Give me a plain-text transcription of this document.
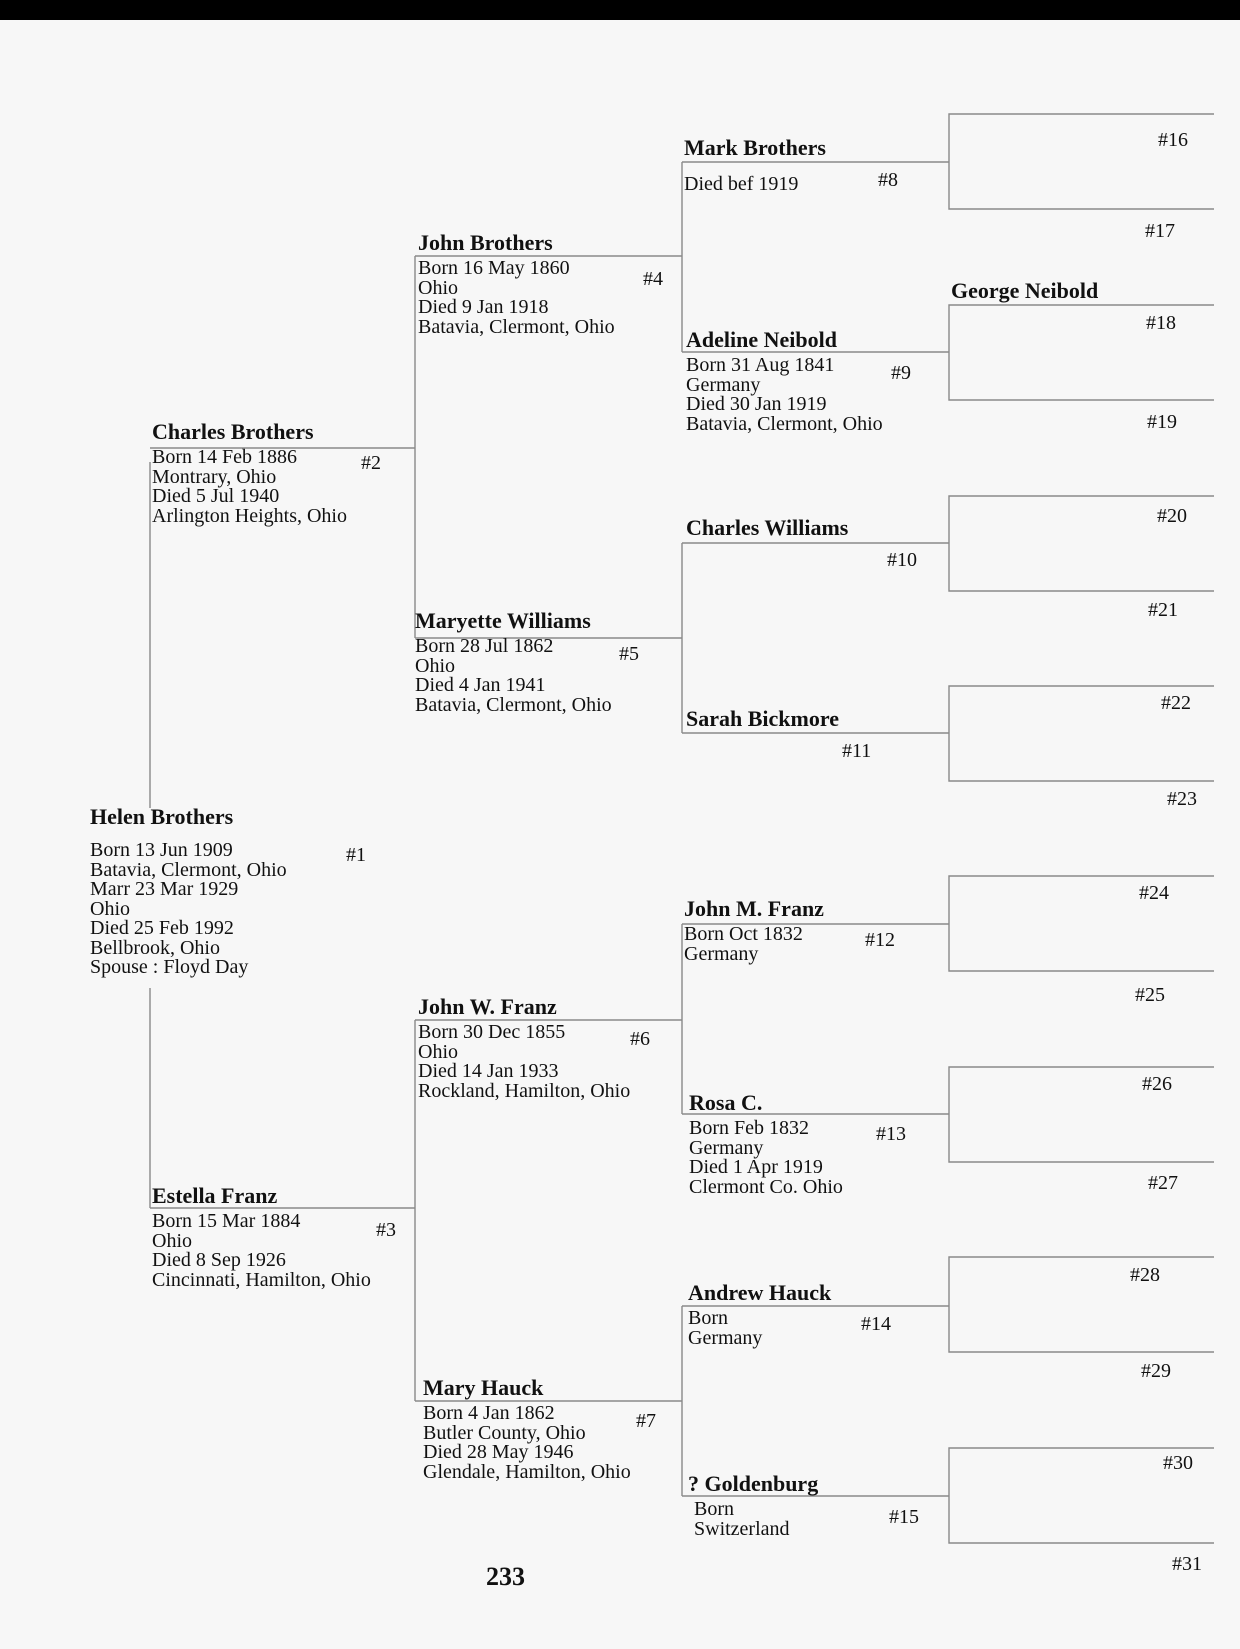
Helen Brothers
Born 13 Jun 1909
Batavia, Clermont, Ohio
Marr 23 Mar 1929
Ohio
Died 25 Feb 1992
Bellbrook, Ohio
Spouse : Floyd Day
#1
Charles Brothers
Born 14 Feb 1886
Montrary, Ohio
Died 5 Jul 1940
Arlington Heights, Ohio
#2
Estella Franz
Born 15 Mar 1884
Ohio
Died 8 Sep 1926
Cincinnati, Hamilton, Ohio
#3
John Brothers
Born 16 May 1860
Ohio
Died 9 Jan 1918
Batavia, Clermont, Ohio
#4
Maryette Williams
Born 28 Jul 1862
Ohio
Died 4 Jan 1941
Batavia, Clermont, Ohio
#5
John W. Franz
Born 30 Dec 1855
Ohio
Died 14 Jan 1933
Rockland, Hamilton, Ohio
#6
Mary Hauck
Born 4 Jan 1862
Butler County, Ohio
Died 28 May 1946
Glendale, Hamilton, Ohio
#7
Mark Brothers
Died bef 1919	#8
Adeline Neibold
Born 31 Aug 1841
Germany
Died 30 Jan 1919
Batavia, Clermont, Ohio
#9
Charles Williams
#10
Sarah Bickmore
#11
John M. Franz
Born Oct 1832
Germany
#12
Rosa C.
Born Feb 1832
Germany
Died 1 Apr 1919
Clermont Co. Ohio
#13
Andrew Hauck
Born
Germany
#14
? Goldenburg
Born
Switzerland
#15
George Neibold
#16
#17
#18
#19
#20
#21
#22
#23
#24
#25
#26
#27
#28
#29
#30
#31
233
